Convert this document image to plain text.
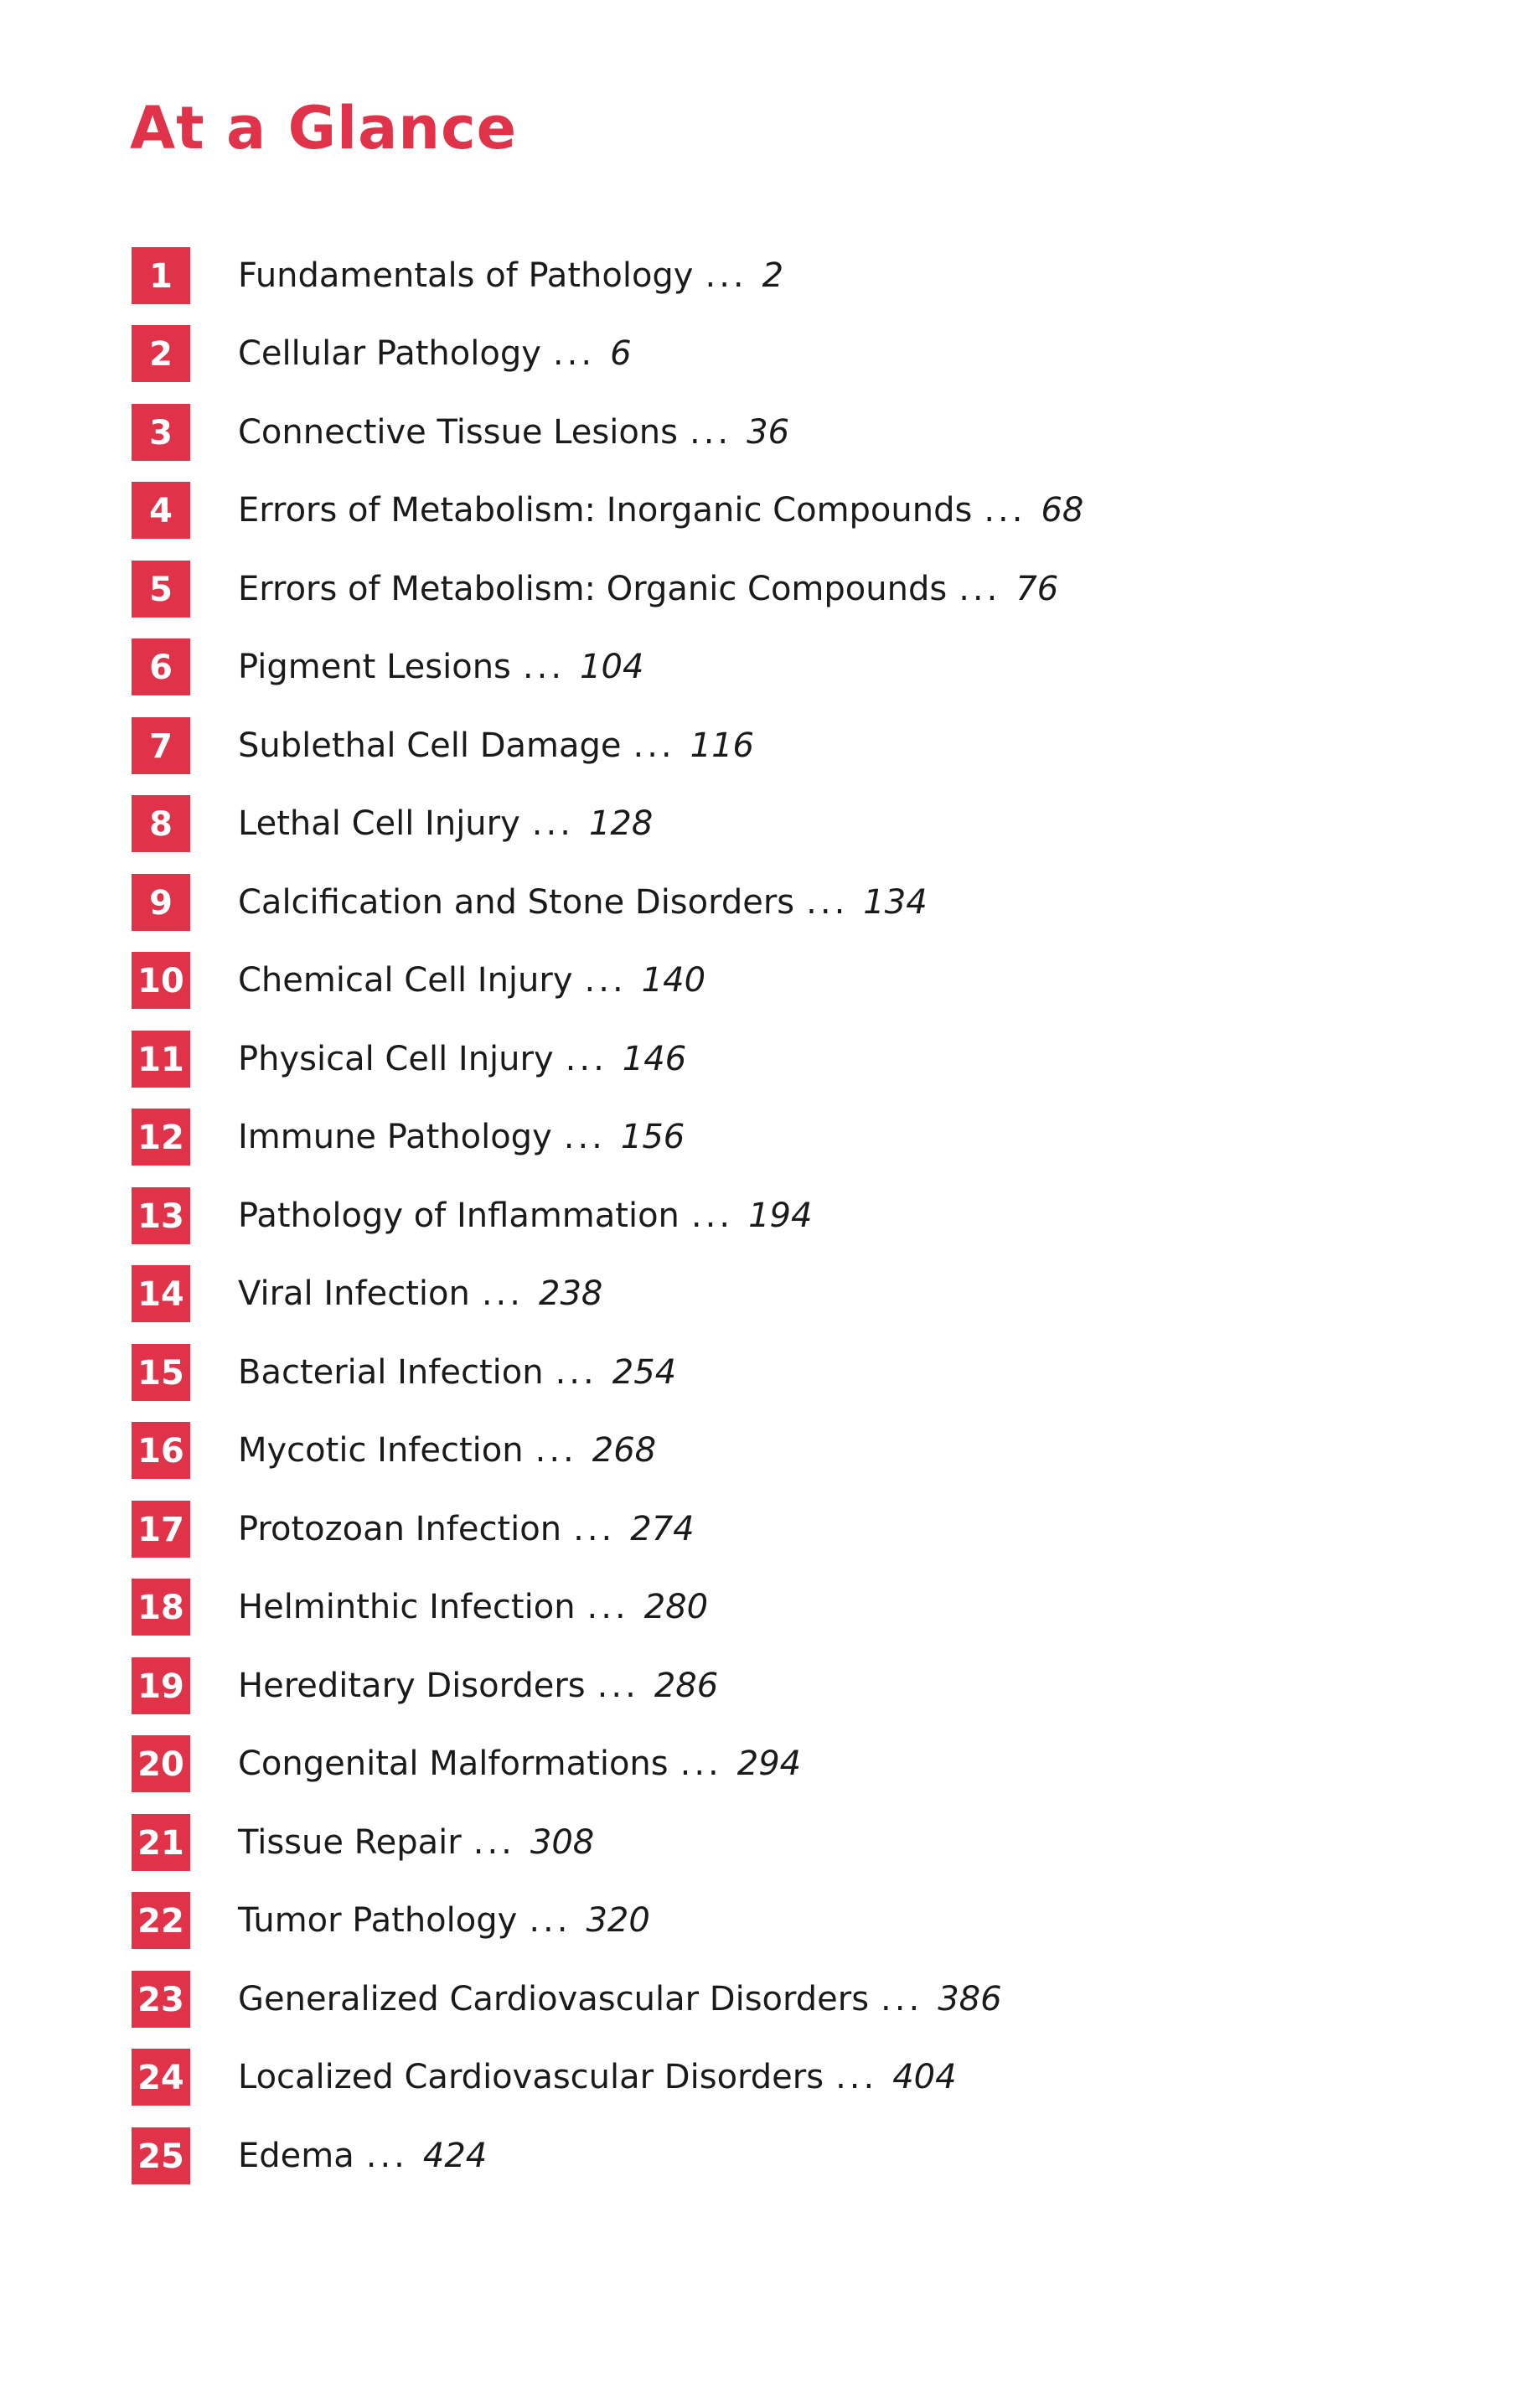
At a Glance
1	Fundamentals of Pathology ... 2
2	Cellular Pathology ... 6
3	Connective Tissue Lesions ... 36
4	Errors of Metabolism: Inorganic Compounds ... 68
5	Errors of Metabolism: Organic Compounds ... 76
6	Pigment Lesions ... 104
7	Sublethal Cell Damage ... 116
8	Lethal Cell Injury ... 128
9	Calcification and Stone Disorders ... 134
10 Chemical Cell Injury ... 140
11 Physical Cell Injury ... 146
12 Immune Pathology ... 156
13 Pathology of Inflammation ... 194
14 Viral Infection ... 238
15 Bacterial Infection ... 254
16 Mycotic Infection ... 268
17 Protozoan Infection ... 274
18 Helminthic Infection ... 280
19 Hereditary Disorders ... 286
20 Congenital Malformations ... 294
21 Tissue Repair ... 308
22 Tumor Pathology ... 320
23 Generalized Cardiovascular Disorders ... 386
24 Localized Cardiovascular Disorders ... 404
25 Edema ... 424
